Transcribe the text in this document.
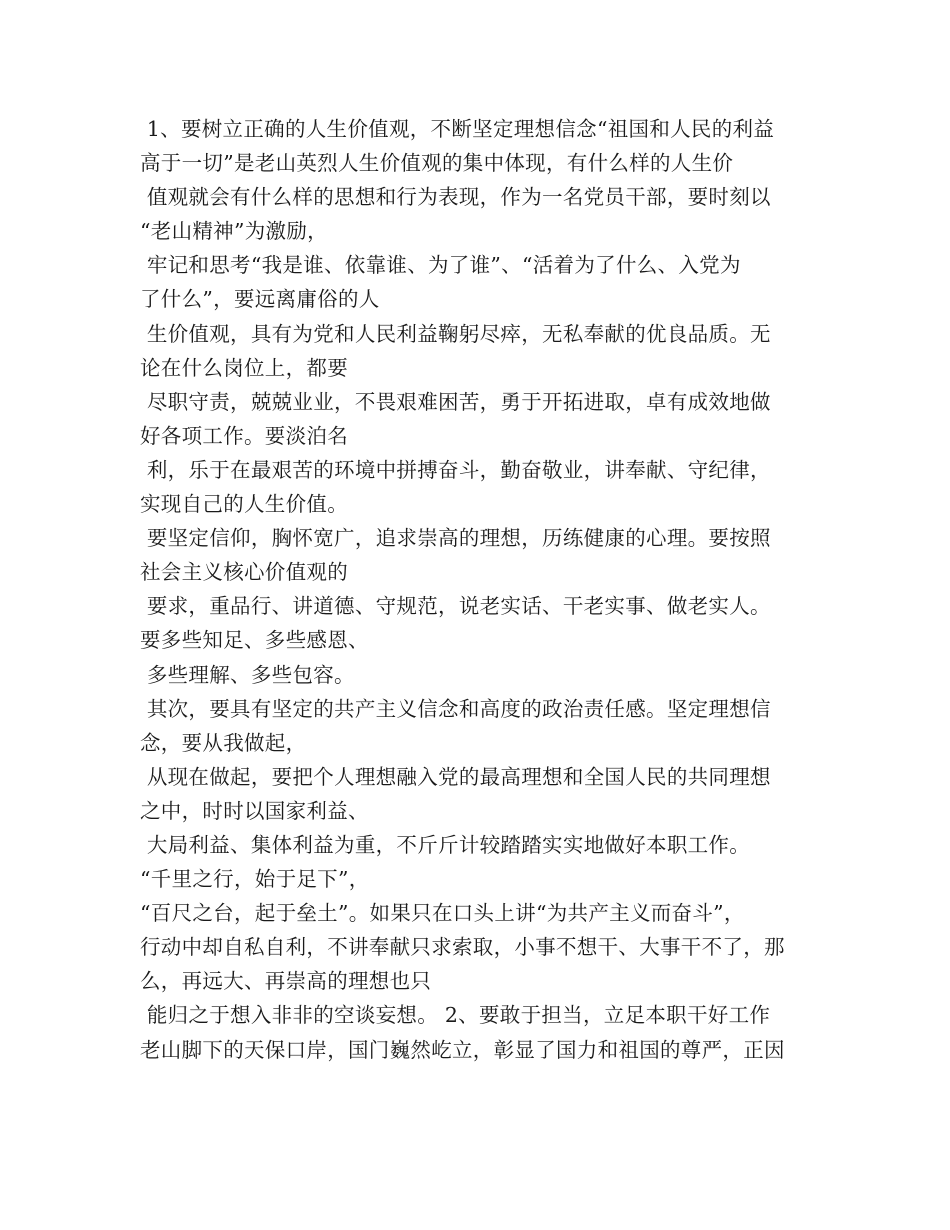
1、要树立正确的人生价值观，不断坚定理想信念“祖国和人民的利益
高于一切”是老山英烈人生价值观的集中体现，有什么样的人生价
值观就会有什么样的思想和行为表现，作为一名党员干部，要时刻以
“老山精神”为激励，
牢记和思考“我是谁、依靠谁、为了谁”、“活着为了什么、入党为
了什么”，要远离庸俗的人
生价值观，具有为党和人民利益鞠躬尽瘁，无私奉献的优良品质。无
论在什么岗位上，都要
尽职守责，兢兢业业，不畏艰难困苦，勇于开拓进取，卓有成效地做
好各项工作。要淡泊名
利，乐于在最艰苦的环境中拼搏奋斗，勤奋敬业，讲奉献、守纪律，
实现自己的人生价值。
要坚定信仰，胸怀宽广，追求崇高的理想，历练健康的心理。要按照
社会主义核心价值观的
要求，重品行、讲道德、守规范，说老实话、干老实事、做老实人。
要多些知足、多些感恩、
多些理解、多些包容。
其次，要具有坚定的共产主义信念和高度的政治责任感。坚定理想信
念，要从我做起，
从现在做起，要把个人理想融入党的最高理想和全国人民的共同理想
之中，时时以国家利益、
大局利益、集体利益为重，不斤斤计较踏踏实实地做好本职工作。
“千里之行，始于足下”，
“百尺之台，起于垒土”。如果只在口头上讲“为共产主义而奋斗”，
行动中却自私自利，不讲奉献只求索取，小事不想干、大事干不了，那
么，再远大、再崇高的理想也只
能归之于想入非非的空谈妄想。 2、要敢于担当，立足本职干好工作
老山脚下的天保口岸，国门巍然屹立，彰显了国力和祖国的尊严，正因
